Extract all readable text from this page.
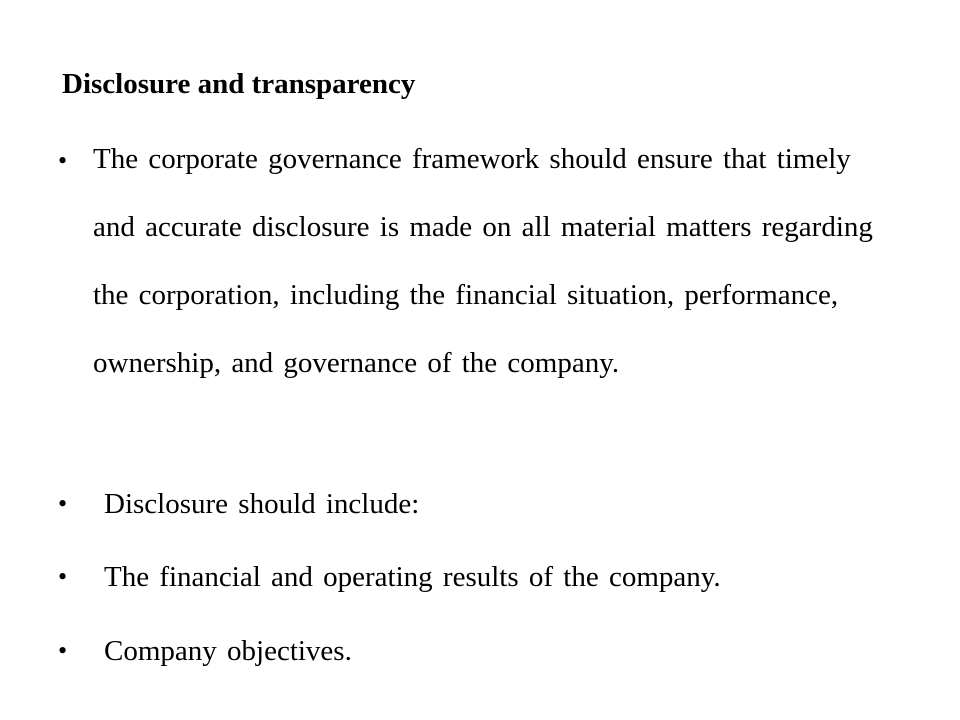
Disclosure and transparency
• The corporate governance framework should ensure that timely and accurate disclosure is made on all material matters regarding the corporation, including the financial situation, performance, ownership, and governance of the company.
• Disclosure should include:
• The financial and operating results of the company.
• Company objectives.
